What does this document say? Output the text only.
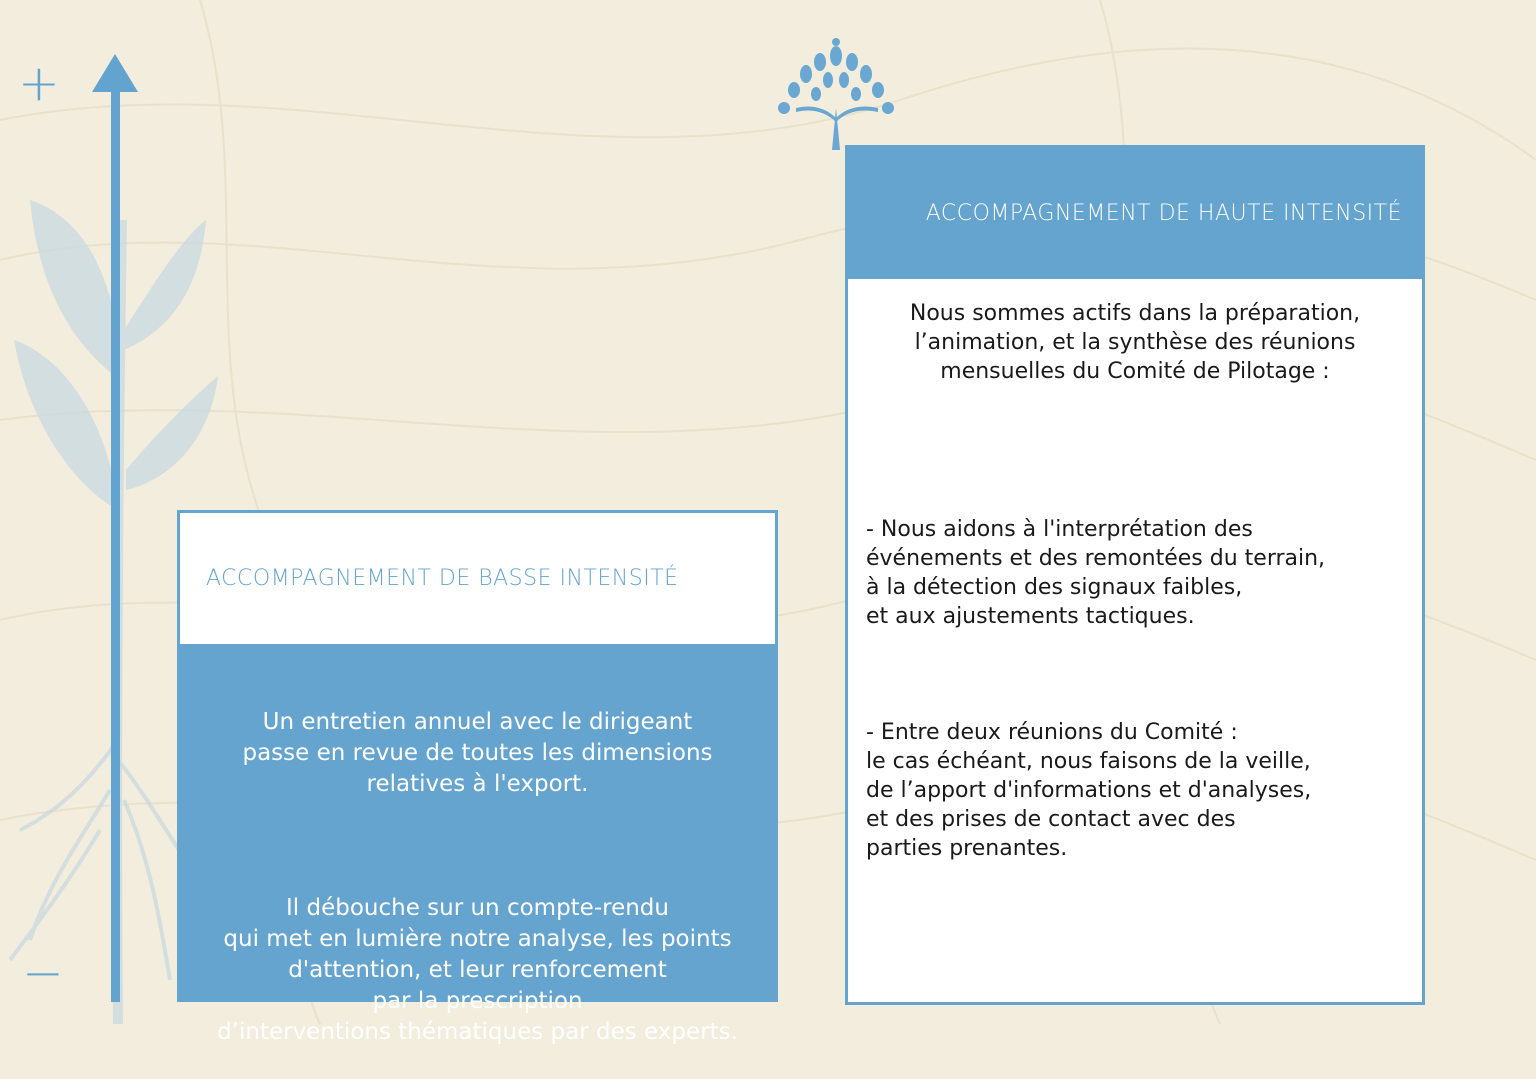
+
−
ACCOMPAGNEMENT DE BASSE INTENSITÉ

Un entretien annuel avec le dirigeant
passe en revue de toutes les dimensions
relatives à l'export.

Il débouche sur un compte-rendu
qui met en lumière notre analyse, les points
d'attention, et leur renforcement
par la prescription
d’interventions thématiques par des experts.

ACCOMPAGNEMENT DE HAUTE INTENSITÉ
Nous sommes actifs dans la préparation,
l’animation, et la synthèse des réunions
mensuelles du Comité de Pilotage :

- Nous aidons à l'interprétation des
événements et des remontées du terrain,
à la détection des signaux faibles,
et aux ajustements tactiques.

- Entre deux réunions du Comité :
le cas échéant, nous faisons de la veille,
de l’apport d'informations et d'analyses,
et des prises de contact avec des
parties prenantes.
